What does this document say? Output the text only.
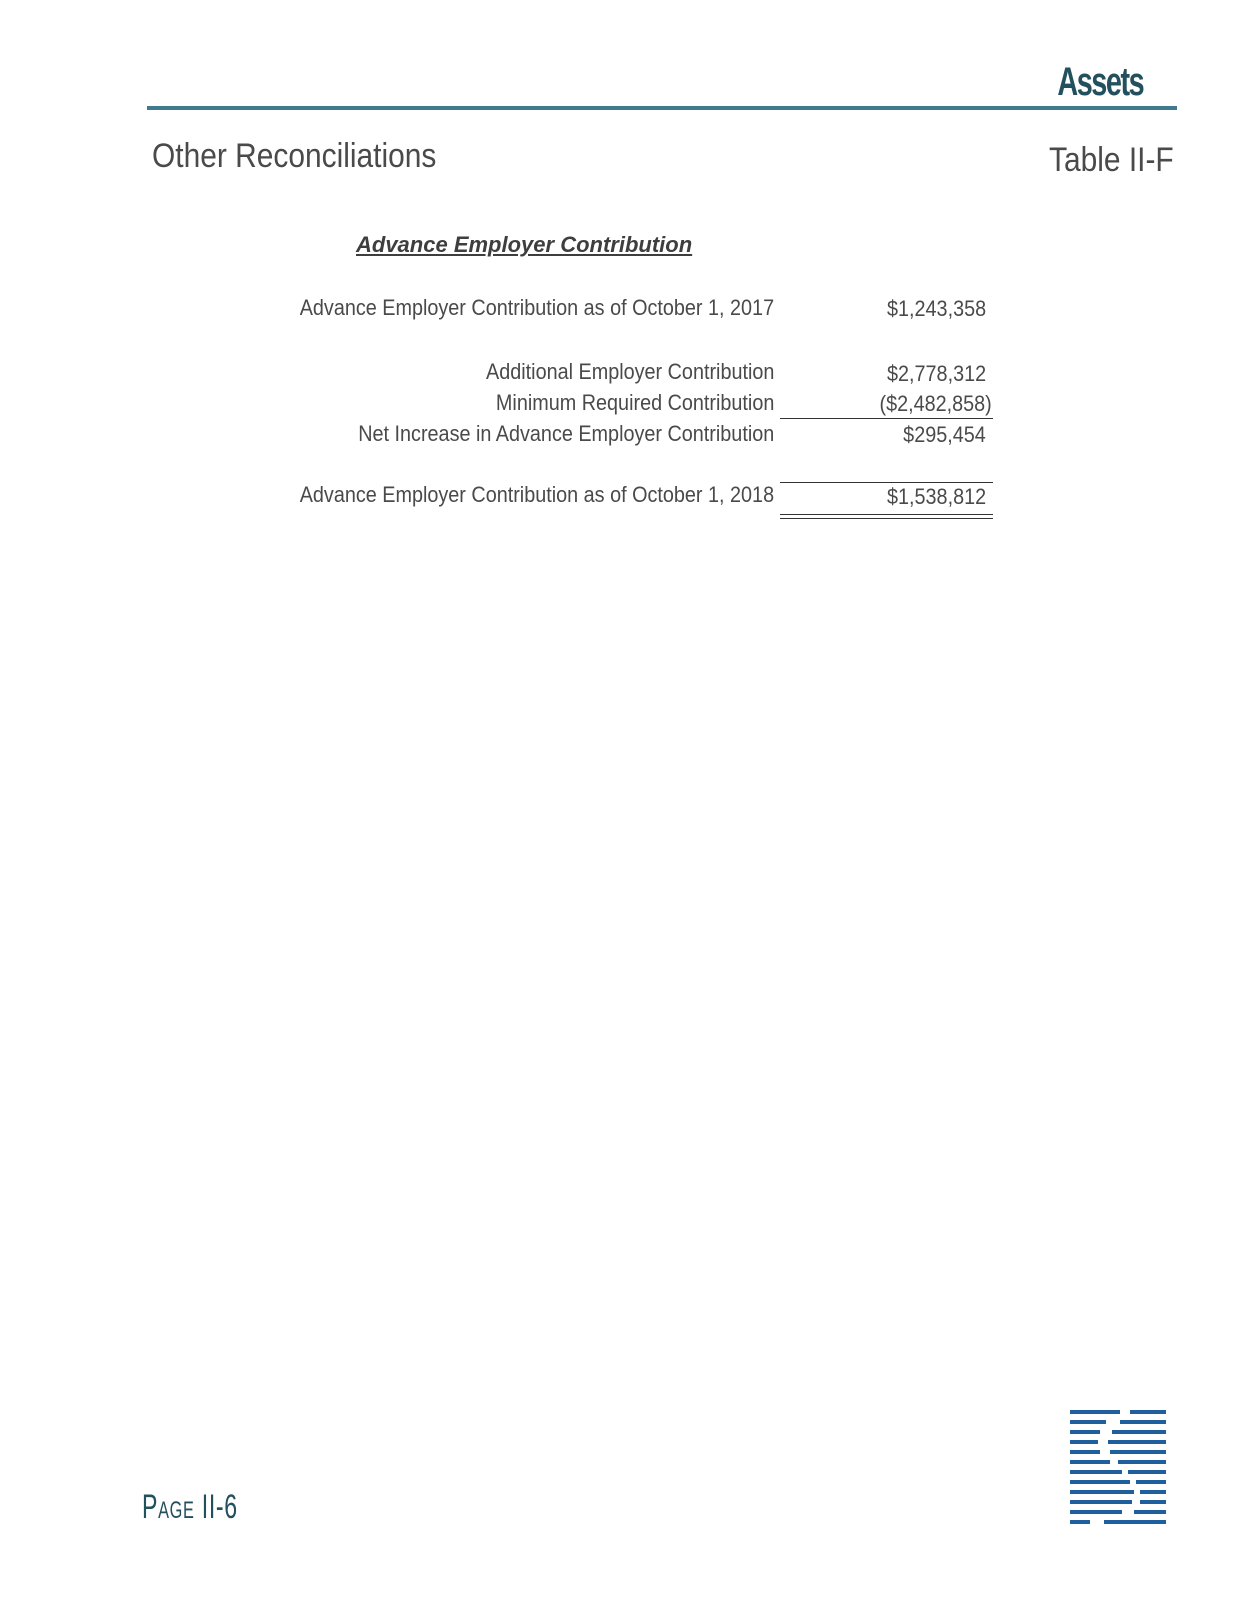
Assets
Other Reconciliations	Table II-F
Advance Employer Contribution
Advance Employer Contribution as of October 1, 2017	$1,243,358
Additional Employer Contribution	$2,778,312
Minimum Required Contribution	($2,482,858)
Net Increase in Advance Employer Contribution	$295,454
Advance Employer Contribution as of October 1, 2018	$1,538,812
Page II-6
